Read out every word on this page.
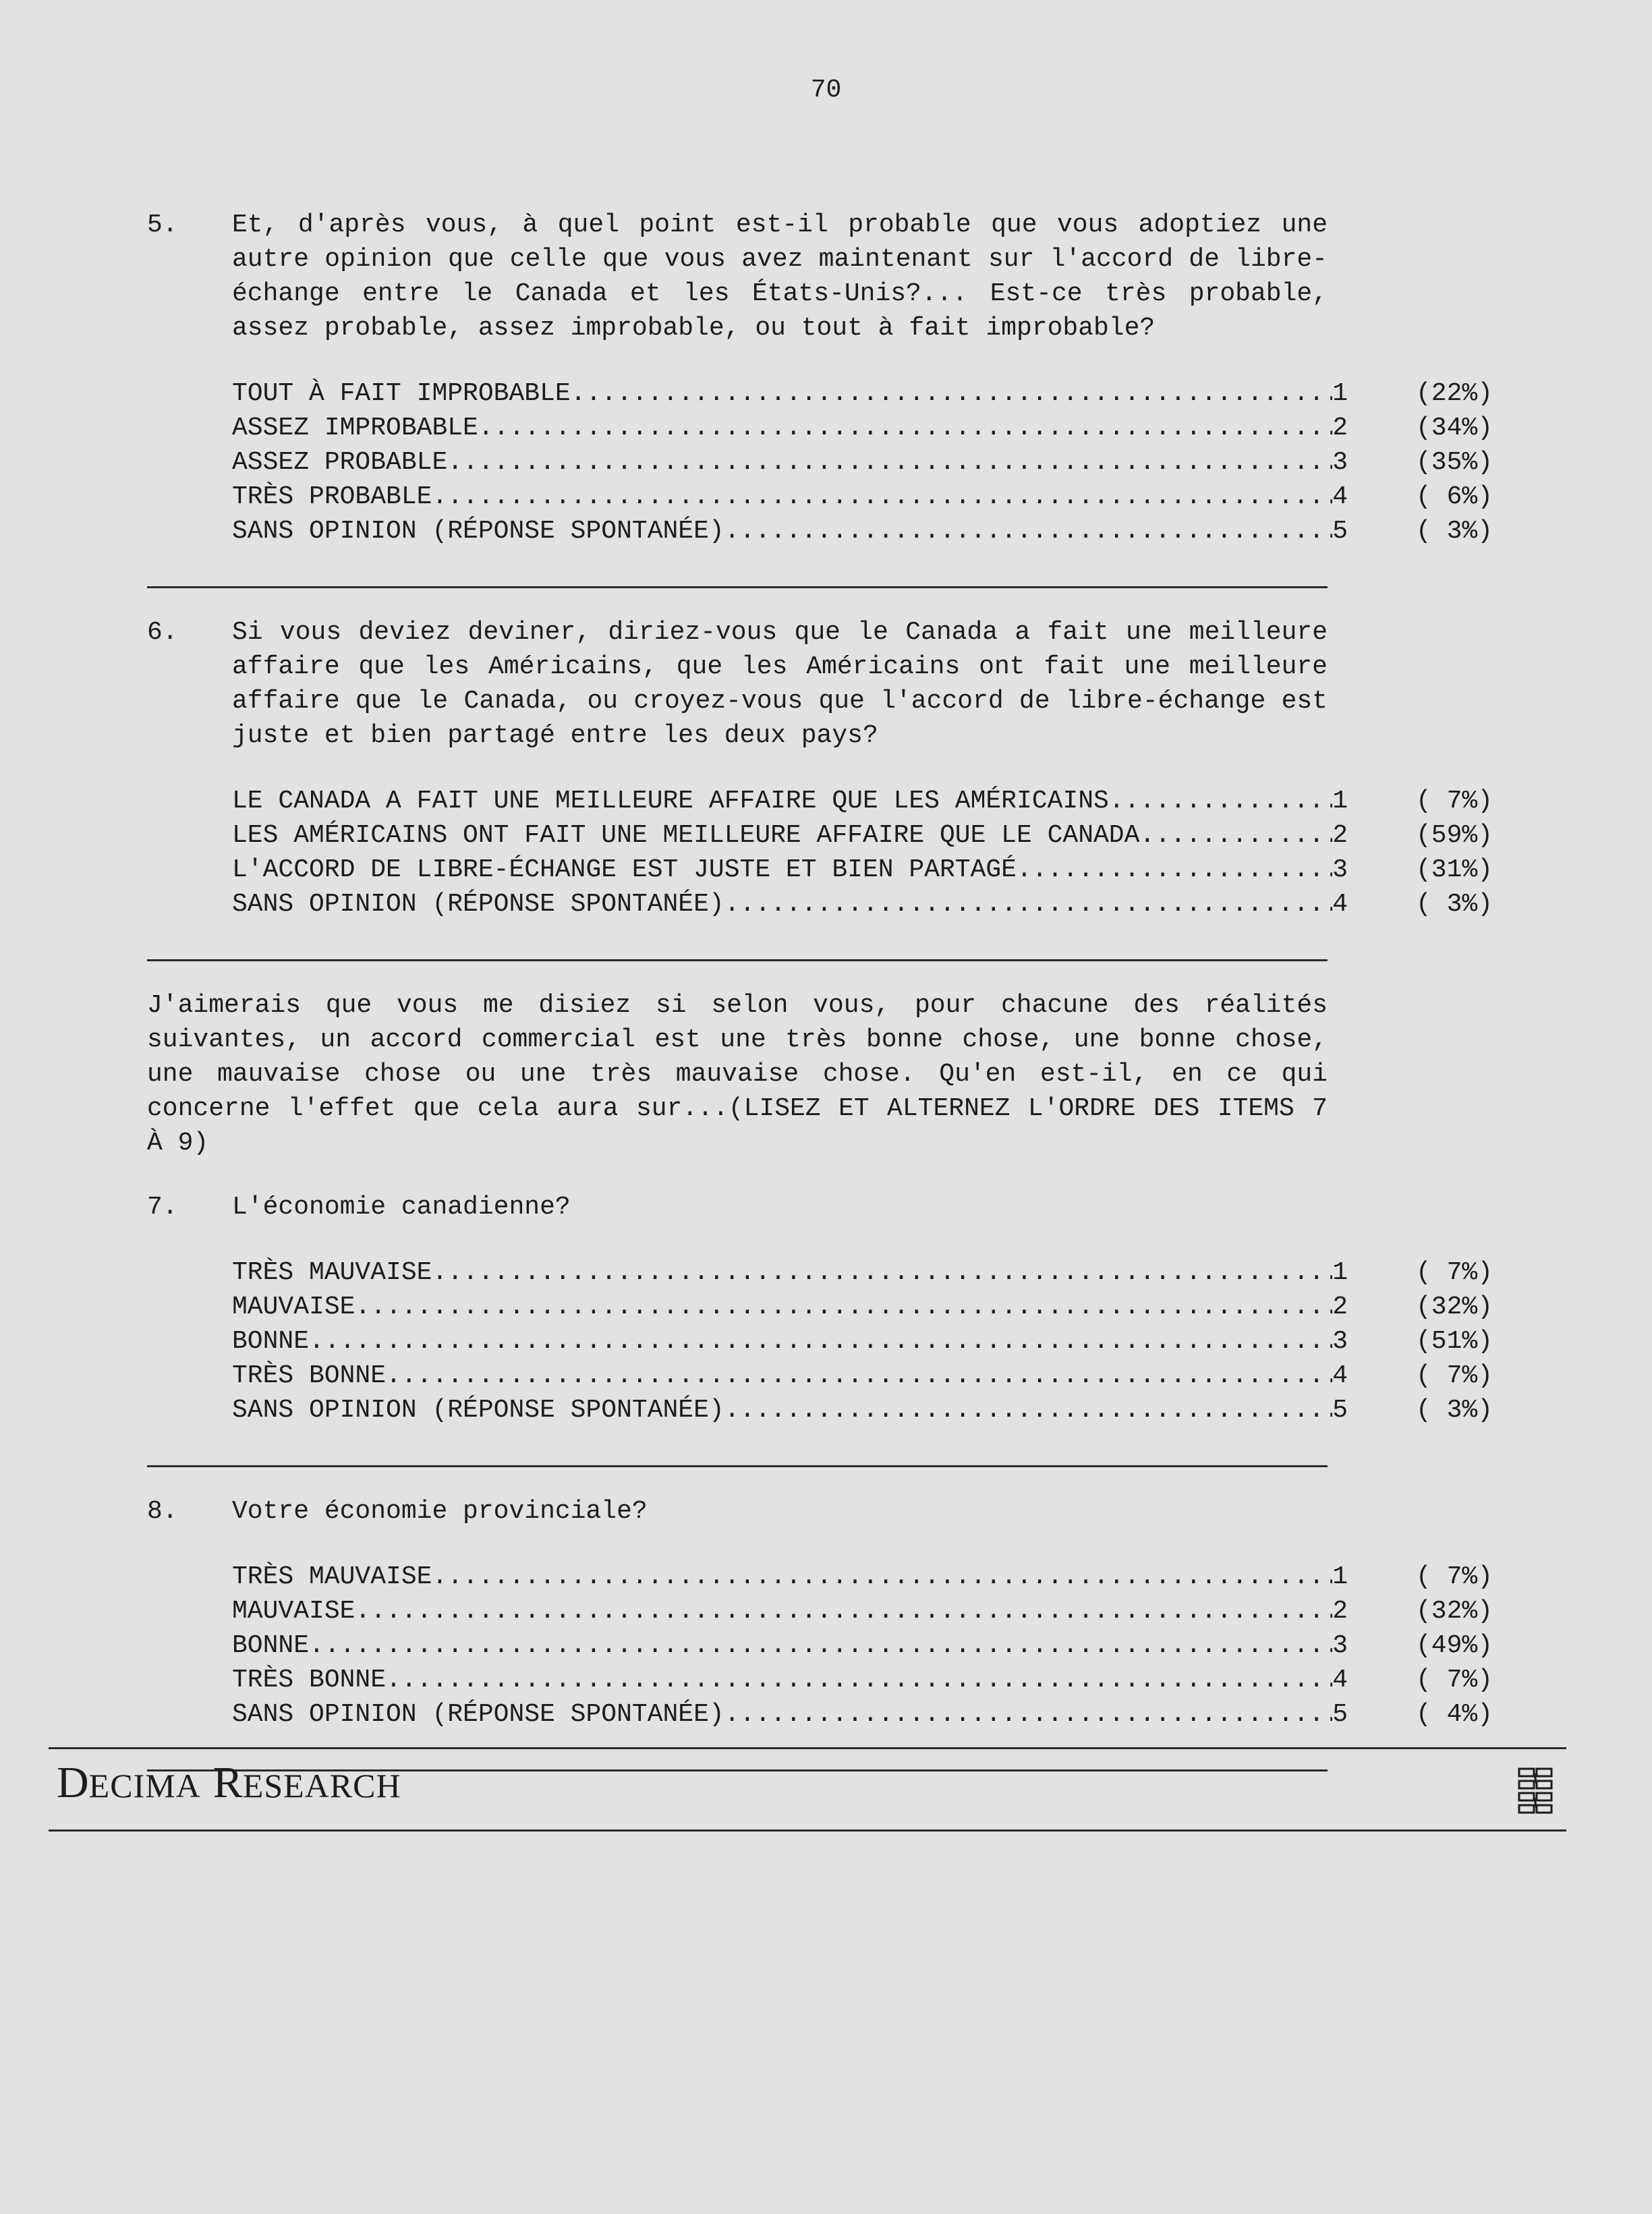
70
5. Et, d'après vous, à quel point est-il probable que vous adoptiez une autre opinion que celle que vous avez maintenant sur l'accord de libre-échange entre le Canada et les États-Unis?... Est-ce très probable, assez probable, assez improbable, ou tout à fait improbable?
TOUT À FAIT IMPROBABLE .....	1	(22%)
ASSEZ IMPROBABLE .....	2	(34%)
ASSEZ PROBABLE .....	3	(35%)
TRÈS PROBABLE .....	4	( 6%)
SANS OPINION (RÉPONSE SPONTANÉE) .....	5	( 3%)
6. Si vous deviez deviner, diriez-vous que le Canada a fait une meilleure affaire que les Américains, que les Américains ont fait une meilleure affaire que le Canada, ou croyez-vous que l'accord de libre-échange est juste et bien partagé entre les deux pays?
LE CANADA A FAIT UNE MEILLEURE AFFAIRE QUE LES AMÉRICAINS .....	1	( 7%)
LES AMÉRICAINS ONT FAIT UNE MEILLEURE AFFAIRE QUE LE CANADA .....	2	(59%)
L'ACCORD DE LIBRE-ÉCHANGE EST JUSTE ET BIEN PARTAGÉ .....	3	(31%)
SANS OPINION (RÉPONSE SPONTANÉE) .....	4	( 3%)
J'aimerais que vous me disiez si selon vous, pour chacune des réalités suivantes, un accord commercial est une très bonne chose, une bonne chose, une mauvaise chose ou une très mauvaise chose. Qu'en est-il, en ce qui concerne l'effet que cela aura sur...(LISEZ ET ALTERNEZ L'ORDRE DES ITEMS 7 À 9)
7. L'économie canadienne?
TRÈS MAUVAISE .....	1	( 7%)
MAUVAISE .....	2	(32%)
BONNE .....	3	(51%)
TRÈS BONNE .....	4	( 7%)
SANS OPINION (RÉPONSE SPONTANÉE) .....	5	( 3%)
8. Votre économie provinciale?
TRÈS MAUVAISE .....	1	( 7%)
MAUVAISE .....	2	(32%)
BONNE .....	3	(49%)
TRÈS BONNE .....	4	( 7%)
SANS OPINION (RÉPONSE SPONTANÉE) .....	5	( 4%)
DECIMA RESEARCH
